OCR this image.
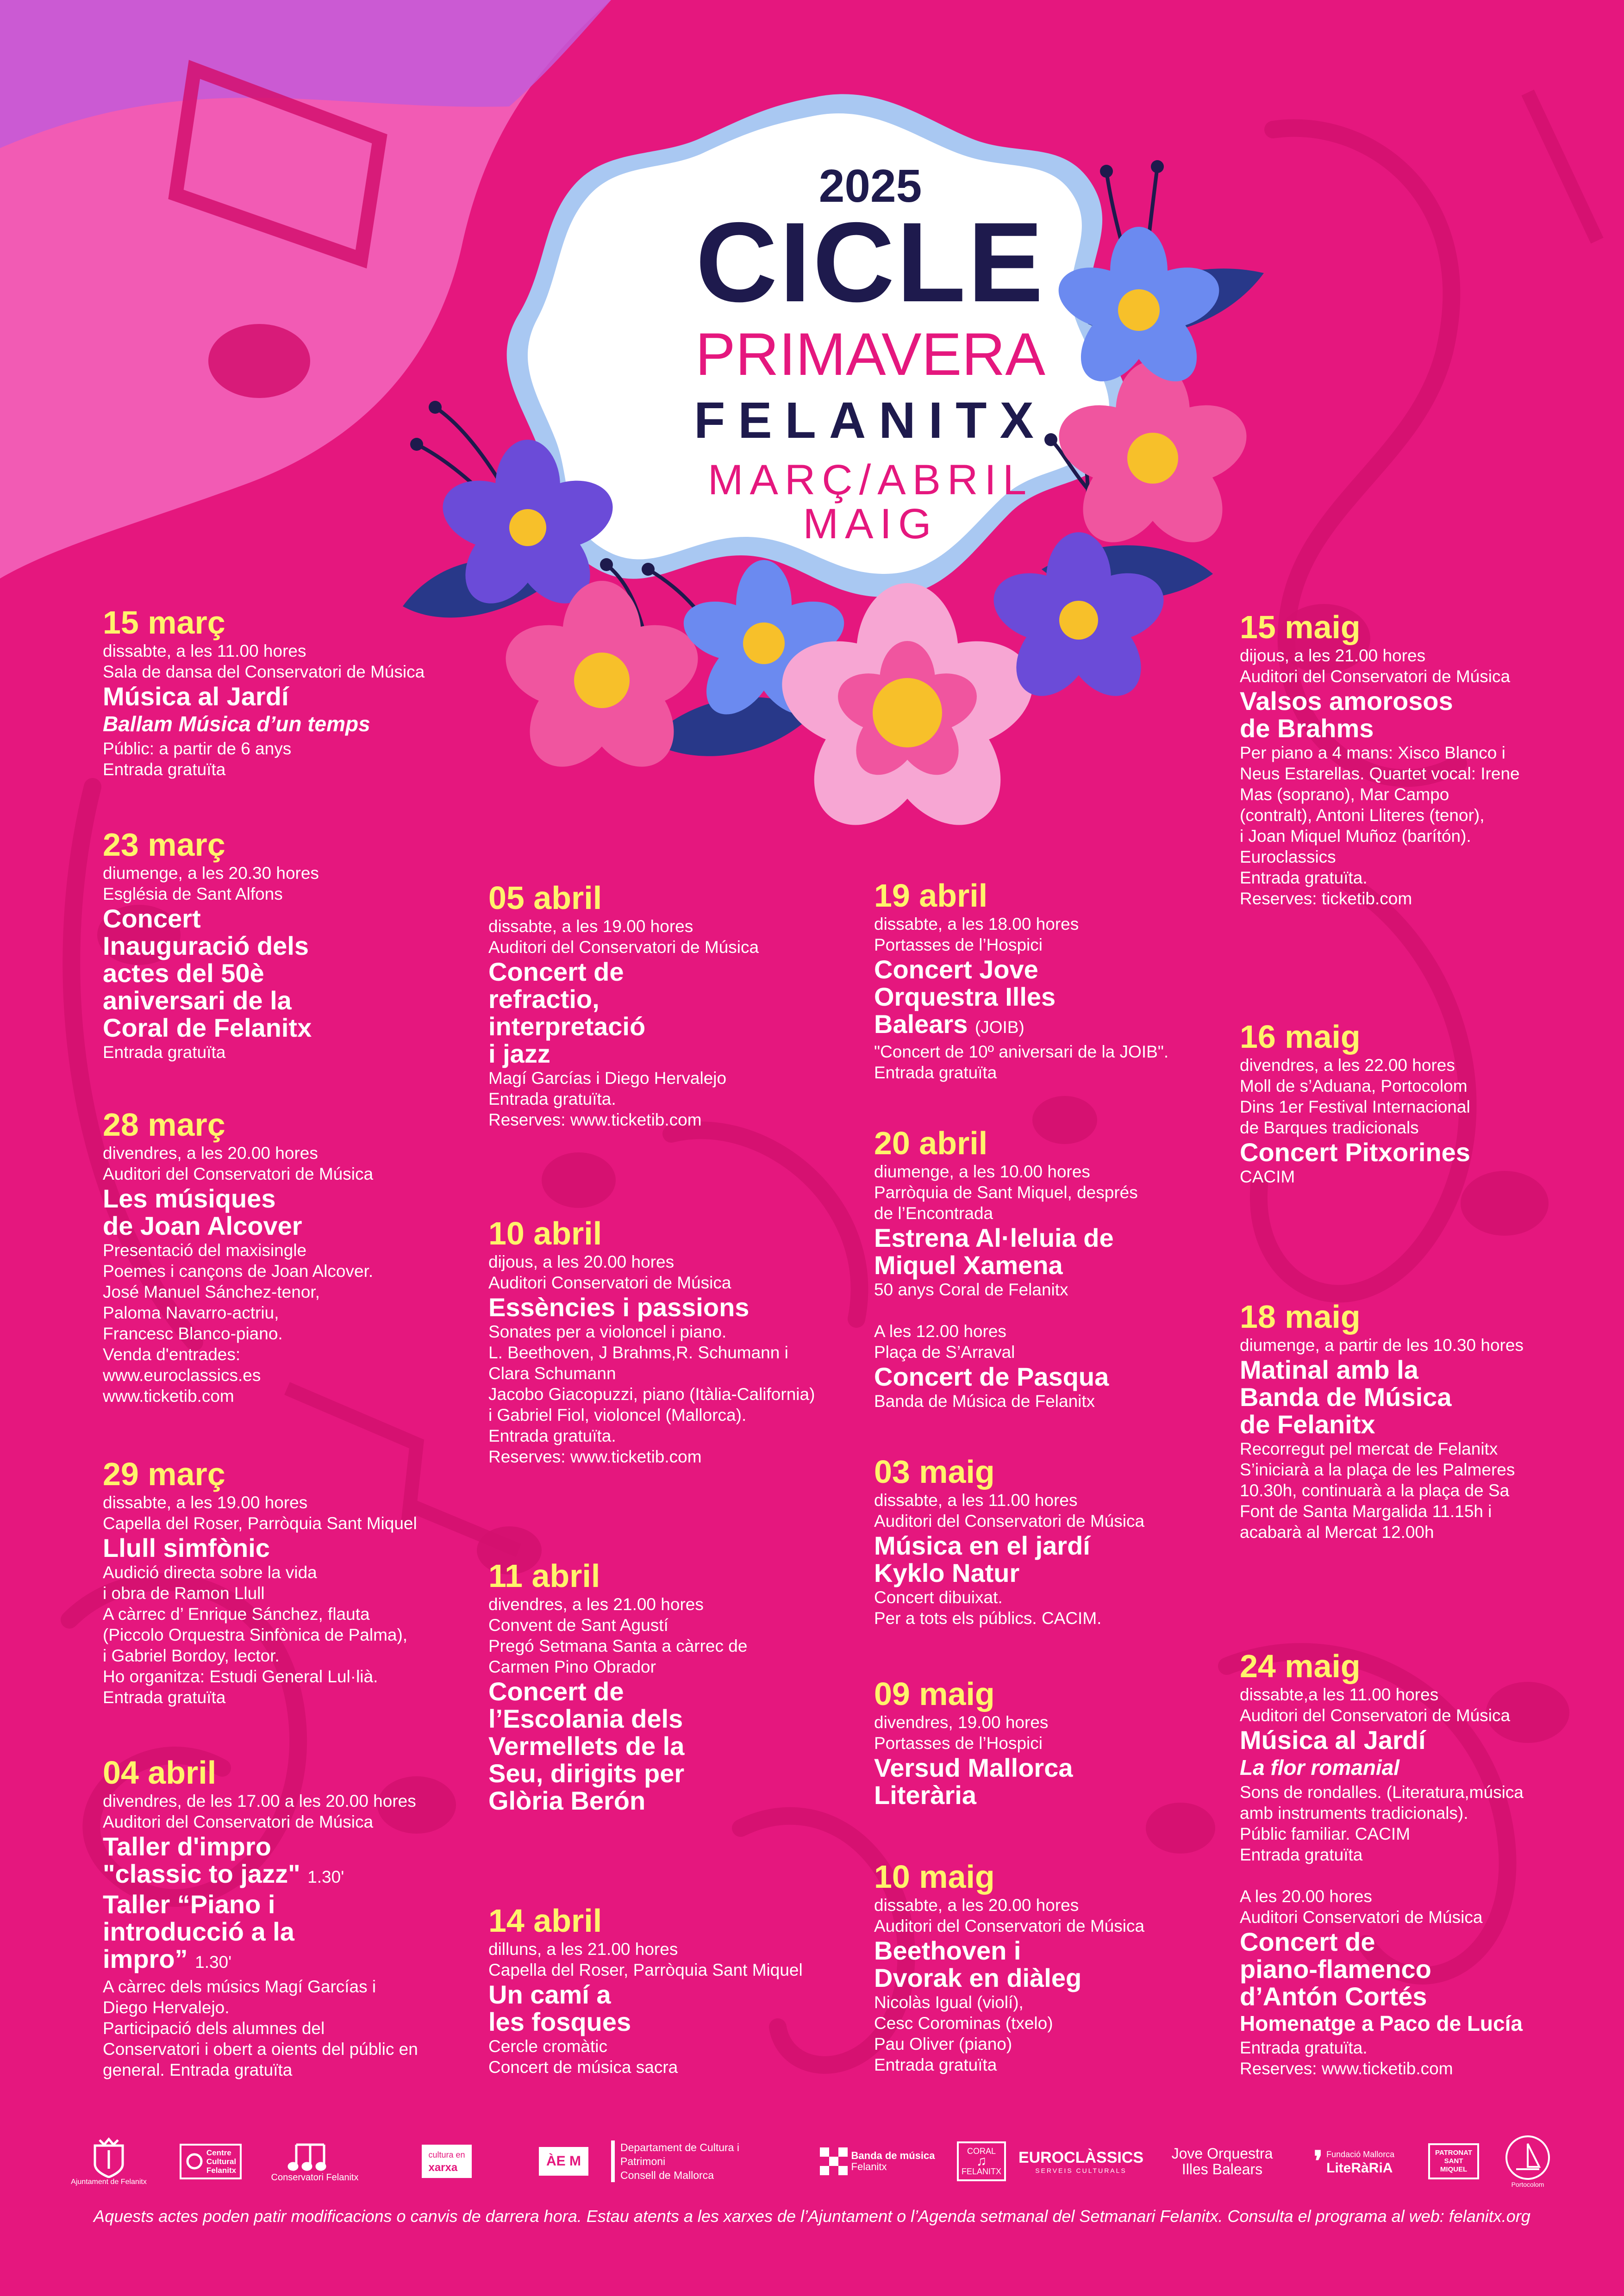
2025
CICLE
PRIMAVERA
FELANITX
MARÇ/ABRIL
MAIG
15 març
dissabte, a les 11.00 hores
Sala de dansa del Conservatori de Música
Música al Jardí
Ballam Música d’un temps
Públic: a partir de 6 anys
Entrada gratuïta
23 març
diumenge, a les 20.30 hores
Església de Sant Alfons
Concert
Inauguració dels
actes del 50è
aniversari de la
Coral de Felanitx
Entrada gratuïta
28 març
divendres, a les 20.00 hores
Auditori del Conservatori de Música
Les músiques
de Joan Alcover
Presentació del maxisingle
Poemes i cançons de Joan Alcover.
José Manuel Sánchez-tenor,
Paloma Navarro-actriu,
Francesc Blanco-piano.
Venda d'entrades:
www.euroclassics.es
www.ticketib.com
29 març
dissabte, a les 19.00 hores
Capella del Roser, Parròquia Sant Miquel
Llull simfònic
Audició directa sobre la vida
i obra de Ramon Llull
A càrrec d’ Enrique Sánchez, flauta
(Piccolo Orquestra Sinfònica de Palma),
i Gabriel Bordoy, lector.
Ho organitza: Estudi General Lul·lià.
Entrada gratuïta
04 abril
divendres, de les 17.00 a les 20.00 hores
Auditori del Conservatori de Música
Taller d'impro
"classic to jazz" 1.30'
Taller “Piano i
introducció a la
impro” 1.30'
A càrrec dels músics Magí Garcías i
Diego Hervalejo.
Participació dels alumnes del
Conservatori i obert a oients del públic en
general. Entrada gratuïta
05 abril
dissabte, a les 19.00 hores
Auditori del Conservatori de Música
Concert de
refractio,
interpretació
i jazz
Magí Garcías i Diego Hervalejo
Entrada gratuïta.
Reserves: www.ticketib.com
10 abril
dijous, a les 20.00 hores
Auditori Conservatori de Música
Essències i passions
Sonates per a violoncel i piano.
L. Beethoven, J Brahms,R. Schumann i
Clara Schumann
Jacobo Giacopuzzi, piano (Itàlia-California)
i Gabriel Fiol, violoncel (Mallorca).
Entrada gratuïta.
Reserves: www.ticketib.com
11 abril
divendres, a les 21.00 hores
Convent de Sant Agustí
Pregó Setmana Santa a càrrec de
Carmen Pino Obrador
Concert de
l’Escolania dels
Vermellets de la
Seu, dirigits per
Glòria Berón
14 abril
dilluns, a les 21.00 hores
Capella del Roser, Parròquia Sant Miquel
Un camí a
les fosques
Cercle cromàtic
Concert de música sacra
19 abril
dissabte, a les 18.00 hores
Portasses de l’Hospici
Concert Jove
Orquestra Illes
Balears (JOIB)
"Concert de 10º aniversari de la JOIB".
Entrada gratuïta
20 abril
diumenge, a les 10.00 hores
Parròquia de Sant Miquel, després
de l’Encontrada
Estrena Al·leluia de
Miquel Xamena
50 anys Coral de Felanitx
A les 12.00 hores
Plaça de S’Arraval
Concert de Pasqua
Banda de Música de Felanitx
03 maig
dissabte, a les 11.00 hores
Auditori del Conservatori de Música
Música en el jardí
Kyklo Natur
Concert dibuixat.
Per a tots els públics. CACIM.
09 maig
divendres, 19.00 hores
Portasses de l’Hospici
Versud Mallorca
Literària
10 maig
dissabte, a les 20.00 hores
Auditori del Conservatori de Música
Beethoven i
Dvorak en diàleg
Nicolàs Igual (violí),
Cesc Corominas (txelo)
Pau Oliver (piano)
Entrada gratuïta
15 maig
dijous, a les 21.00 hores
Auditori del Conservatori de Música
Valsos amorosos
de Brahms
Per piano a 4 mans: Xisco Blanco i
Neus Estarellas. Quartet vocal: Irene
Mas (soprano), Mar Campo
(contralt), Antoni Lliteres (tenor),
i Joan Miquel Muñoz (barítón).
Euroclassics
Entrada gratuïta.
Reserves: ticketib.com
16 maig
divendres, a les 22.00 hores
Moll de s’Aduana, Portocolom
Dins 1er Festival Internacional
de Barques tradicionals
Concert Pitxorines
CACIM
18 maig
diumenge, a partir de les 10.30 hores
Matinal amb la
Banda de Música
de Felanitx
Recorregut pel mercat de Felanitx
S’iniciarà a la plaça de les Palmeres
10.30h, continuarà a la plaça de Sa
Font de Santa Margalida 11.15h i
acabarà al Mercat 12.00h
24 maig
dissabte,a les 11.00 hores
Auditori del Conservatori de Música
Música al Jardí
La flor romanial
Sons de rondalles. (Literatura,música
amb instruments tradicionals).
Públic familiar. CACIM
Entrada gratuïta
A les 20.00 hores
Auditori Conservatori de Música
Concert de
piano-flamenco
d’Antón Cortés
Homenatge a Paco de Lucía
Entrada gratuïta.
Reserves: www.ticketib.com
Ajuntament de Felanitx
Centre
Cultural
Felanitx
Conservatori Felanitx
cultura en
xarxa	ÀE M
Departament de Cultura i Patrimoni
Consell de Mallorca
Banda de música
Felanitx
CORAL
♫
FELANITX
EUROCLÀSSICS
SERVEIS CULTURALS
Jove Orquestra
Illes Balears ❜ Fundació Mallorca
LiteRàRiA
PATRONAT SANT MIQUEL
Portocolom
Aquests actes poden patir modificacions o canvis de darrera hora. Estau atents a les xarxes de l’Ajuntament o l’Agenda setmanal del Setmanari Felanitx. Consulta el programa al web: felanitx.org
